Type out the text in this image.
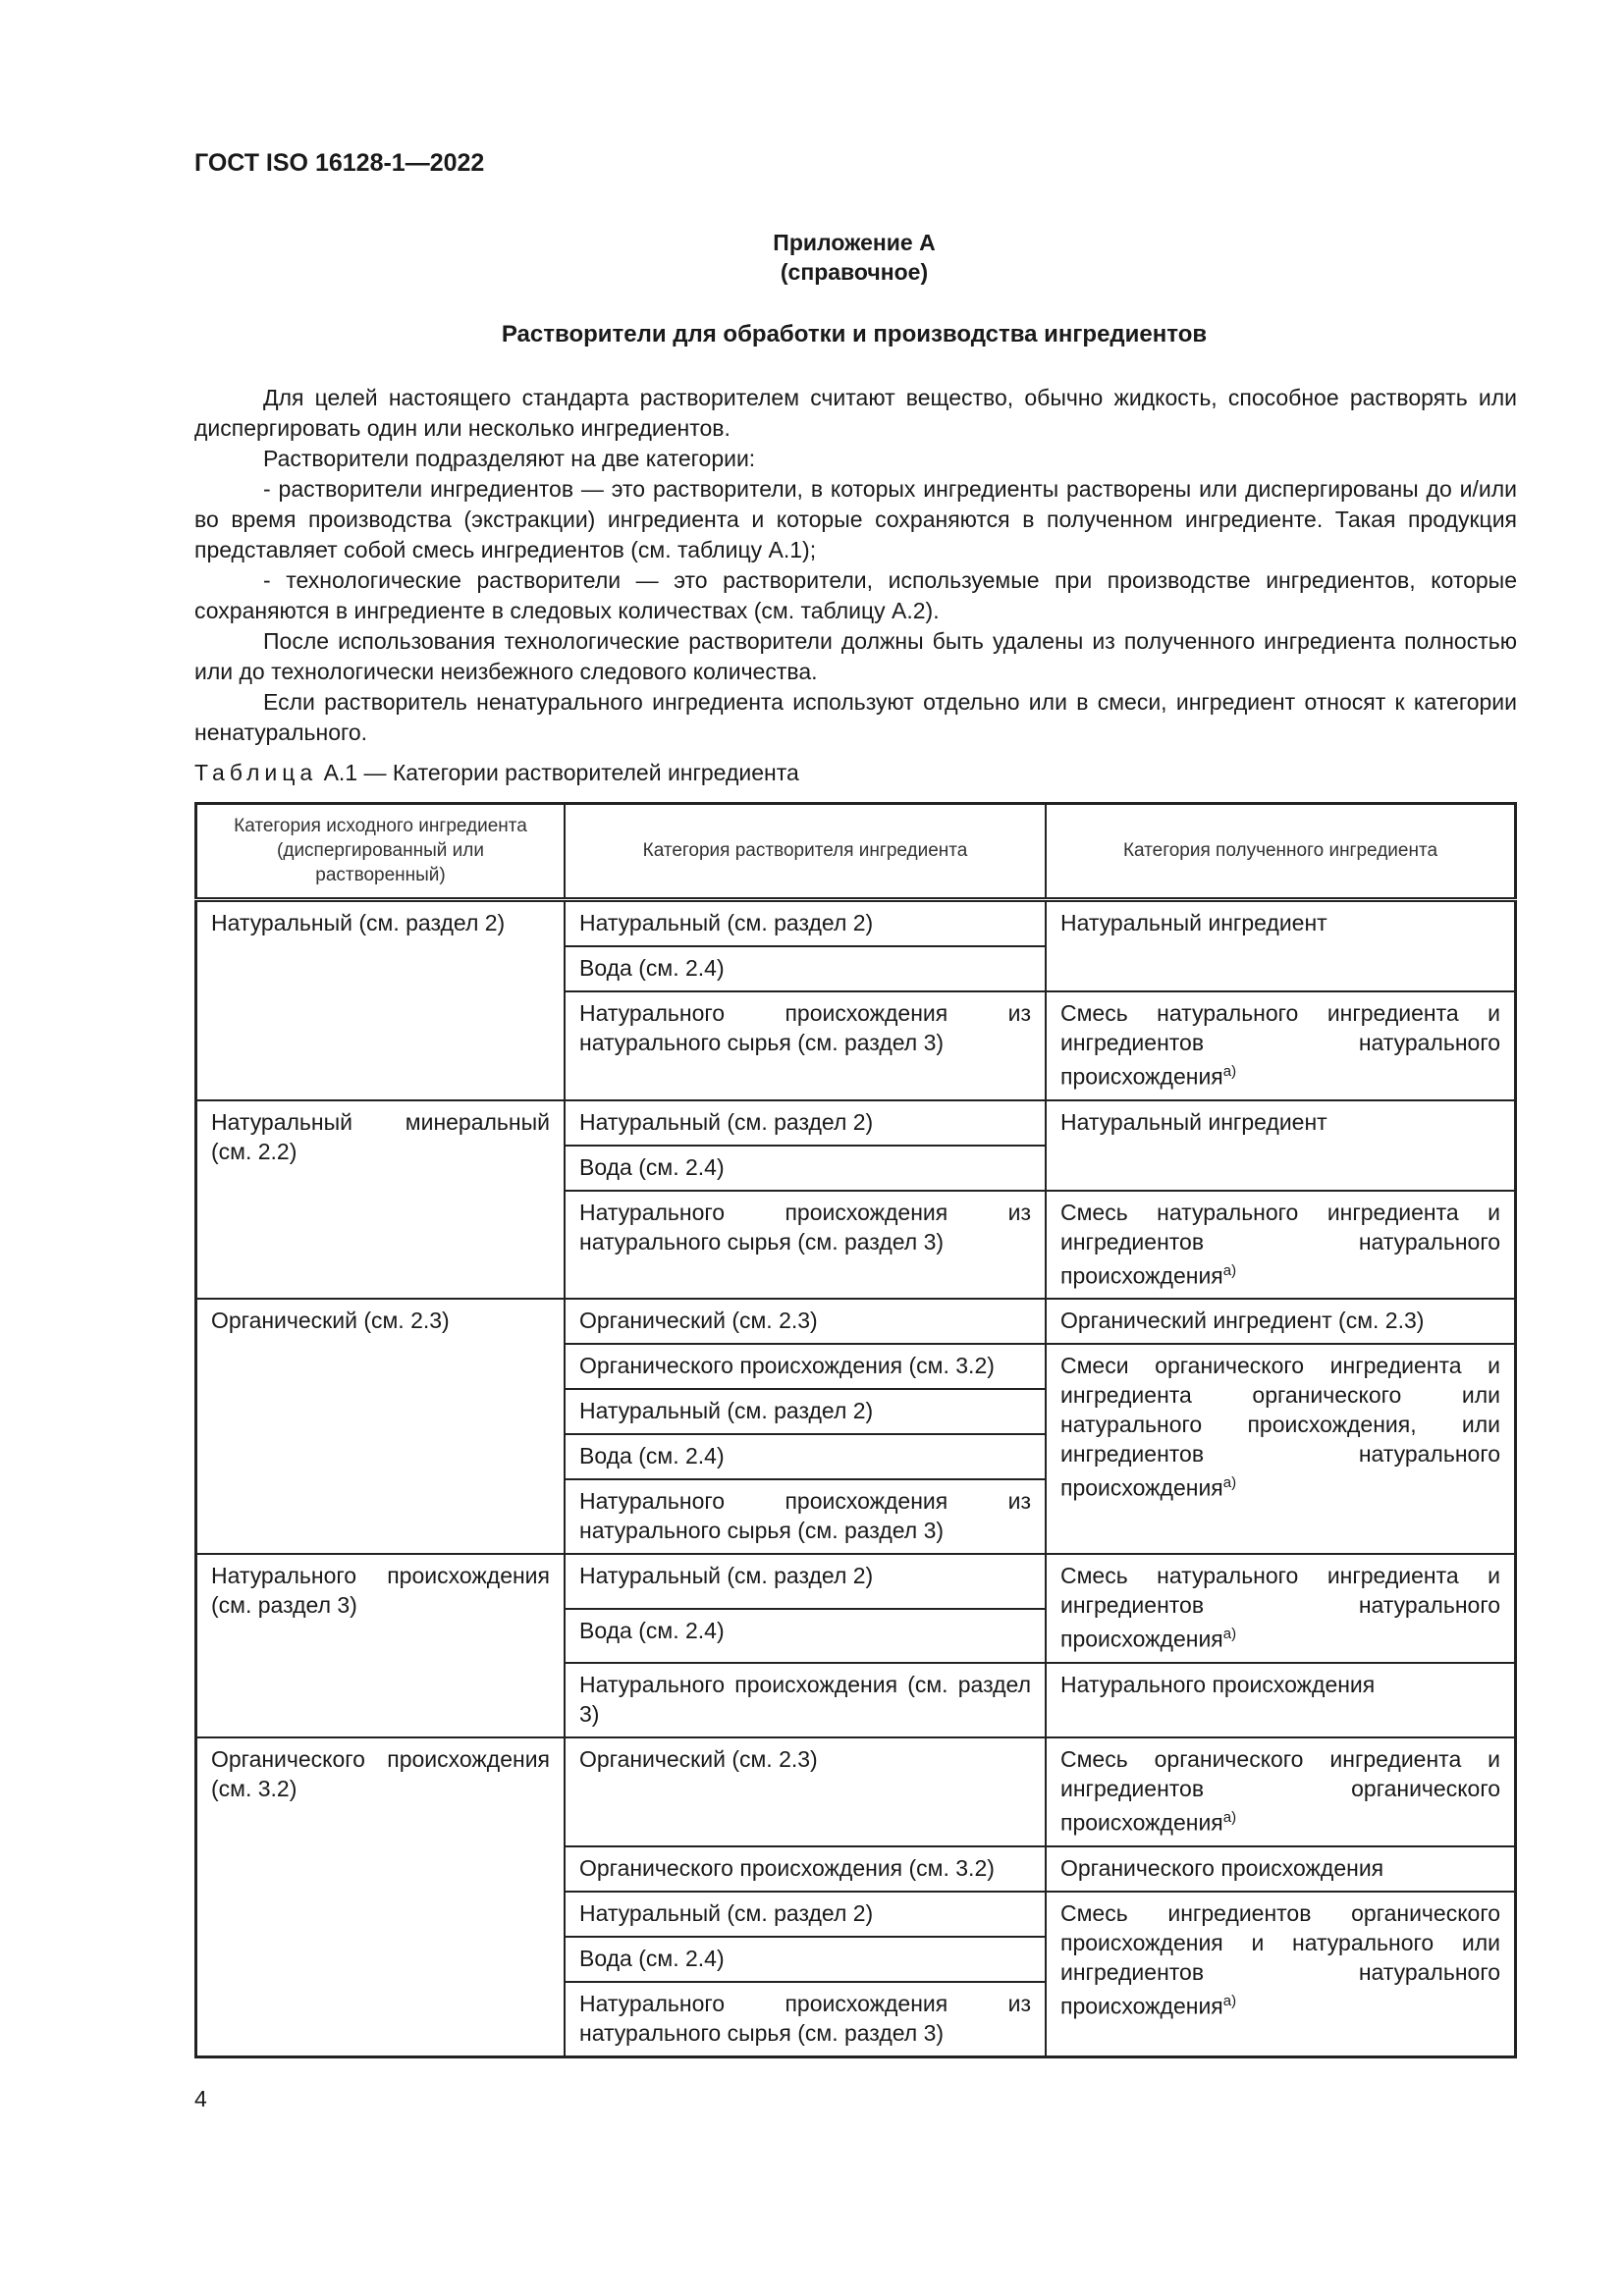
ГОСТ ISO 16128-1—2022
Приложение А
(справочное)
Растворители для обработки и производства ингредиентов

Для целей настоящего стандарта растворителем считают вещество, обычно жидкость, способное растворять или диспергировать один или несколько ингредиентов.

Растворители подразделяют на две категории:

- растворители ингредиентов — это растворители, в которых ингредиенты растворены или диспергированы до и/или во время производства (экстракции) ингредиента и которые сохраняются в полученном ингредиенте. Такая продукция представляет собой смесь ингредиентов (см. таблицу А.1);

- технологические растворители — это растворители, используемые при производстве ингредиентов, которые сохраняются в ингредиенте в следовых количествах (см. таблицу А.2).

После использования технологические растворители должны быть удалены из полученного ингредиента полностью или до технологически неизбежного следового количества.

Если растворитель ненатурального ингредиента используют отдельно или в смеси, ингредиент относят к категории ненатурального.

Таблица А.1 — Категории растворителей ингредиента
Категория исходного ингредиента (диспергированный или растворенный)	Категория растворителя ингредиента	Категория полученного ингредиента
Натуральный (см. раздел 2)	Натуральный (см. раздел 2)	Натуральный ингредиент
	Вода (см. 2.4)	
	Натурального происхождения из натурального сырья (см. раздел 3)	Смесь натурального ингредиента и ингредиентов натурального происхождения$^{а)}$
Натуральный минеральный (см. 2.2)	Натуральный (см. раздел 2)	Натуральный ингредиент
	Вода (см. 2.4)	
	Натурального происхождения из натурального сырья (см. раздел 3)	Смесь натурального ингредиента и ингредиентов натурального происхождения$^{а)}$
Органический (см. 2.3)	Органический (см. 2.3)	Органический ингредиент (см. 2.3)
	Органического происхождения (см. 3.2)	Смеси органического ингредиента и ингредиента органического или натурального происхождения, или ингредиентов натурального происхождения$^{а)}$
	Натуральный (см. раздел 2)	
	Вода (см. 2.4)	
	Натурального происхождения из натурального сырья (см. раздел 3)	
Натурального происхождения (см. раздел 3)	Натуральный (см. раздел 2)	Смесь натурального ингредиента и ингредиентов натурального происхождения$^{а)}$
	Вода (см. 2.4)	
	Натурального происхождения (см. раздел 3)	Натурального происхождения
Органического происхождения (см. 3.2)	Органический (см. 2.3)	Смесь органического ингредиента и ингредиентов органического происхождения$^{а)}$
	Органического происхождения (см. 3.2)	Органического происхождения
	Натуральный (см. раздел 2)	Смесь ингредиентов органического происхождения и натурального или ингредиентов натурального происхождения$^{а)}$
	Вода (см. 2.4)	
	Натурального происхождения из натурального сырья (см. раздел 3)	
4
